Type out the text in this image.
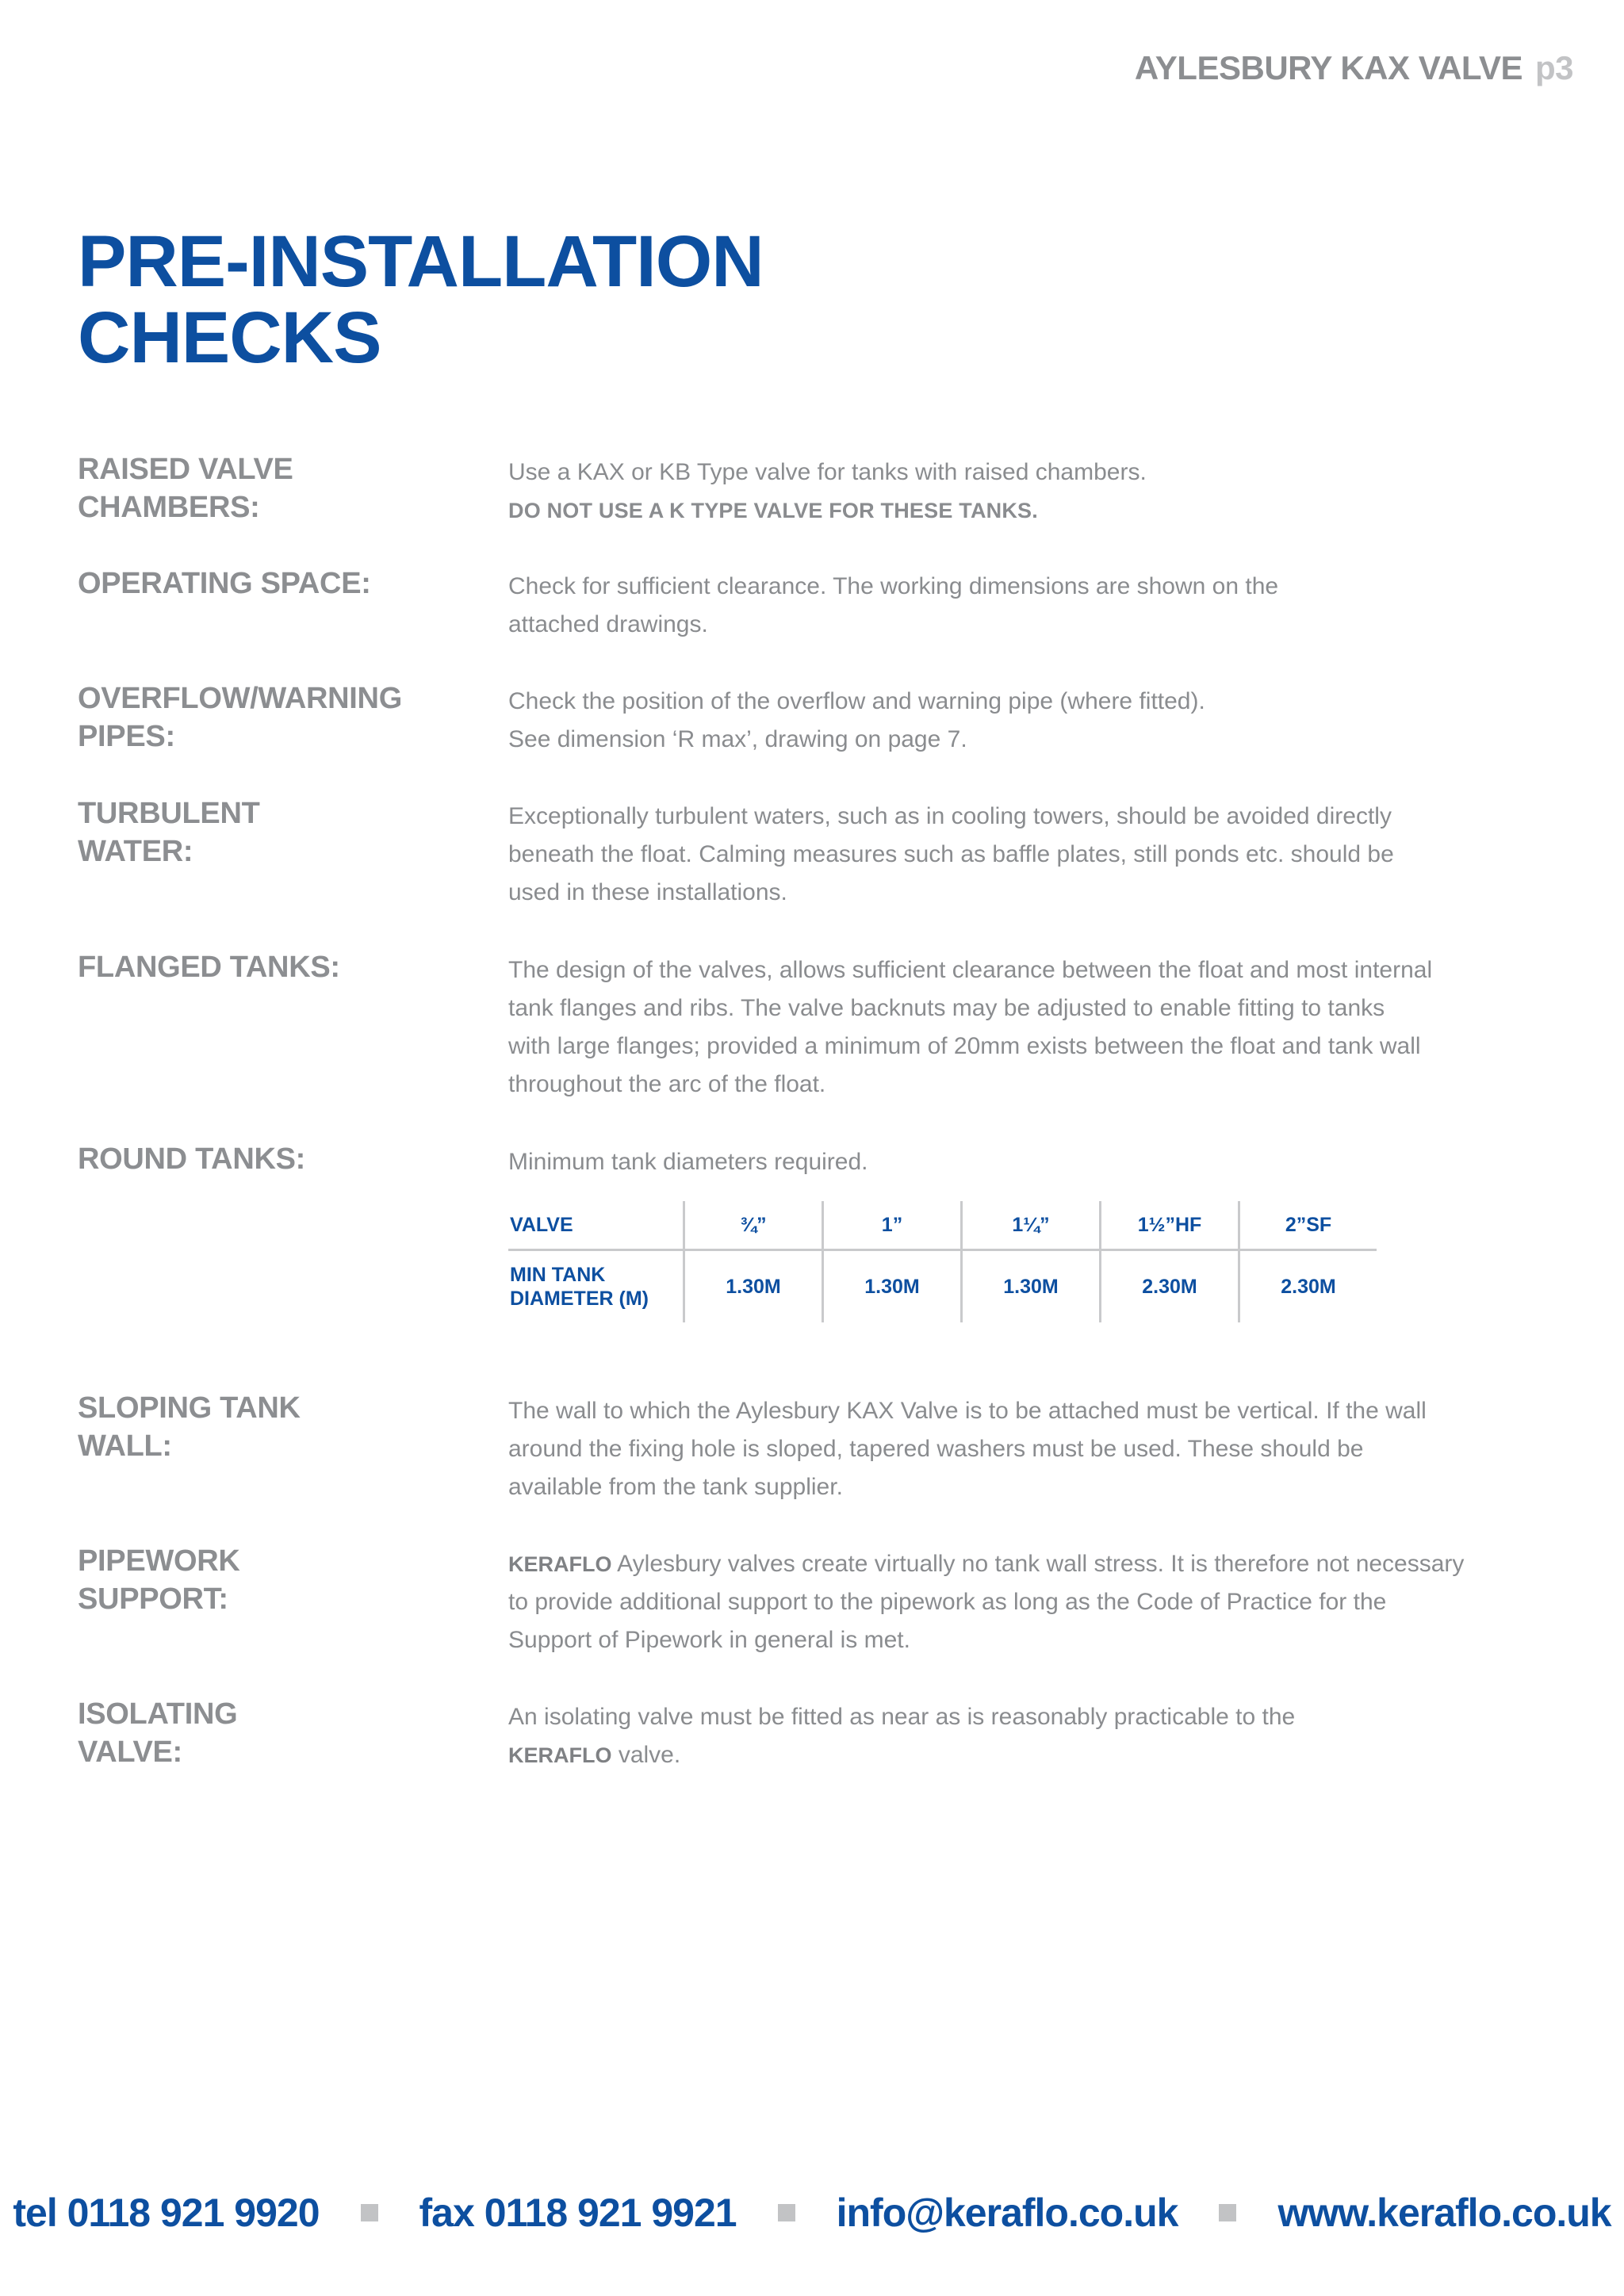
AYLESBURY KAX VALVE p3
PRE-INSTALLATION
CHECKS
RAISED VALVE
CHAMBERS:
Use a KAX or KB Type valve for tanks with raised chambers.
DO NOT USE A K TYPE VALVE FOR THESE TANKS.
OPERATING SPACE:	Check for sufficient clearance. The working dimensions are shown on the
attached drawings.
OVERFLOW/WARNING
PIPES:
Check the position of the overflow and warning pipe (where fitted).
See dimension ‘R max’, drawing on page 7.
TURBULENT
WATER:
Exceptionally turbulent waters, such as in cooling towers, should be avoided directly
beneath the float. Calming measures such as baffle plates, still ponds etc. should be
used in these installations.
FLANGED TANKS:	The design of the valves, allows sufficient clearance between the float and most internal
tank flanges and ribs. The valve backnuts may be adjusted to enable fitting to tanks
with large flanges; provided a minimum of 20mm exists between the float and tank wall
throughout the arc of the float.
ROUND TANKS:	Minimum tank diameters required.
VALVE	¾”	1”	1¼”	1½”HF	2”SF

MIN TANK
DIAMETER (M)	1.30M	1.30M	1.30M	2.30M	2.30M
SLOPING TANK
WALL:
The wall to which the Aylesbury KAX Valve is to be attached must be vertical. If the wall
around the fixing hole is sloped, tapered washers must be used. These should be
available from the tank supplier.
PIPEWORK
SUPPORT:
KERAFLO Aylesbury valves create virtually no tank wall stress. It is therefore not necessary
to provide additional support to the pipework as long as the Code of Practice for the
Support of Pipework in general is met.
ISOLATING
VALVE:
An isolating valve must be fitted as near as is reasonably practicable to the
KERAFLO valve.
tel 0118 921 9920	fax 0118 921 9921	info@keraflo.co.uk	www.keraflo.co.uk
